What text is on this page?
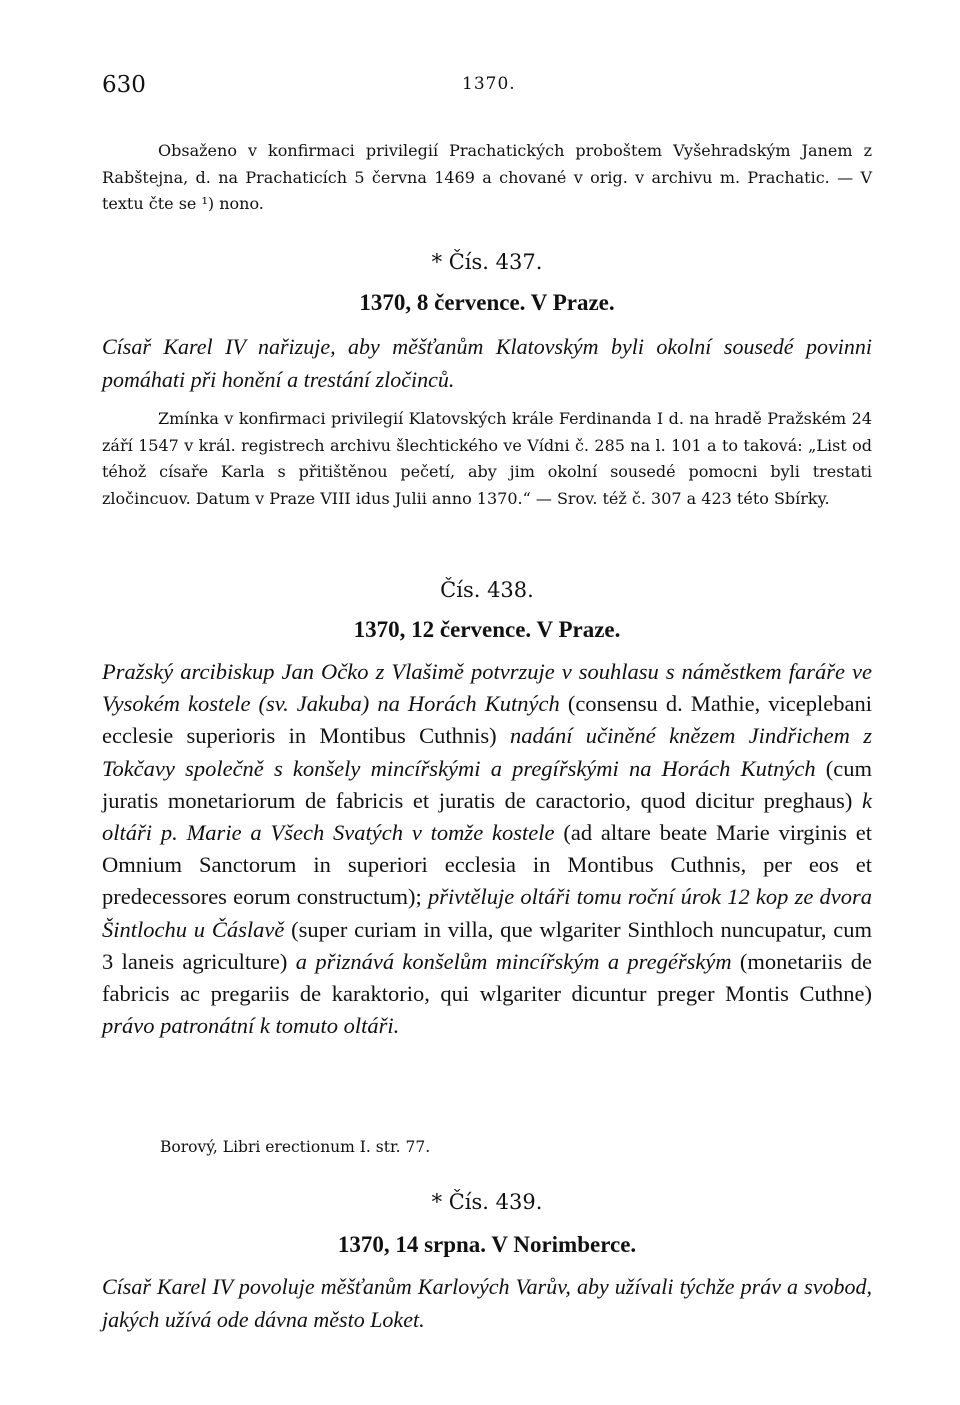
630	1370.

Obsaženo v konfirmaci privilegií Prachatických proboštem Vyšehradským Janem z Rabštejna, d. na Prachaticích 5 června 1469 a chované v orig. v archivu m. Prachatic. — V textu čte se ¹) nono.

* Čís. 437.
1370, 8 července. V Praze.

Císař Karel IV nařizuje, aby měšťanům Klatovským byli okolní sousedé povinni pomáhati při honění a trestání zločinců.

Zmínka v konfirmaci privilegií Klatovských krále Ferdinanda I d. na hradě Pražském 24 září 1547 v král. registrech archivu šlechtického ve Vídni č. 285 na l. 101 a to taková: „List od téhož císaře Karla s přitištěnou pečetí, aby jim okolní sousedé pomocni byli trestati zločincuov. Datum v Praze VIII idus Julii anno 1370.“ — Srov. též č. 307 a 423 této Sbírky.

Čís. 438.
1370, 12 července. V Praze.

Pražský arcibiskup Jan Očko z Vlašimě potvrzuje v souhlasu s náměstkem faráře ve Vysokém kostele (sv. Jakuba) na Horách Kutných (consensu d. Mathie, viceplebani ecclesie superioris in Montibus Cuthnis) nadání učiněné knězem Jindřichem z Tokčavy společně s konšely mincířskými a pregířskými na Horách Kutných (cum juratis monetariorum de fabricis et juratis de caractorio, quod dicitur preghaus) k oltáři p. Marie a Všech Svatých v tomže kostele (ad altare beate Marie virginis et Omnium Sanctorum in superiori ecclesia in Montibus Cuthnis, per eos et predecessores eorum constructum); přivtěluje oltáři tomu roční úrok 12 kop ze dvora Šintlochu u Čáslavě (super curiam in villa, que wlgariter Sinthloch nuncupatur, cum 3 laneis agriculture) a přiznává konšelům mincířským a pregéřským (monetariis de fabricis ac pregariis de karaktorio, qui wlgariter dicuntur preger Montis Cuthne) právo patronátní k tomuto oltáři.

Borový, Libri erectionum I. str. 77.

* Čís. 439.
1370, 14 srpna. V Norimberce.

Císař Karel IV povoluje měšťanům Karlových Varův, aby užívali týchže práv a svobod, jakých užívá ode dávna město Loket.
